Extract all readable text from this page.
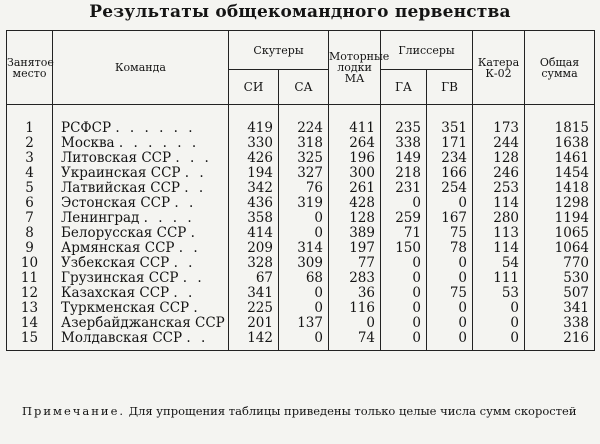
Результаты общекомандного первенства
Занятое место	Команда	Скутеры		Моторные лодки МА	Глиссеры		Катера К-02	Общая сумма
		СИ	СА		ГА	ГВ		
1	РСФСР . . . . . .	419	224	411	235	351	173	1815
2	Москва . . . . . .	330	318	264	338	171	244	1638
3	Литовская ССР . . .	426	325	196	149	234	128	1461
4	Украинская ССР . .	194	327	300	218	166	246	1454
5	Латвийская ССР . .	342	76	261	231	254	253	1418
6	Эстонская ССР . .	436	319	428	0	0	114	1298
7	Ленинград . . . .	358	0	128	259	167	280	1194
8	Белорусская ССР .	414	0	389	71	75	113	1065
9	Армянская ССР . .	209	314	197	150	78	114	1064
10	Узбекская ССР . .	328	309	77	0	0	54	770
11	Грузинская ССР . .	67	68	283	0	0	111	530
12	Казахская ССР . .	341	0	36	0	75	53	507
13	Туркменская ССР .	225	0	116	0	0	0	341
14	Азербайджанская ССР	201	137	0	0	0	0	338
15	Молдавская ССР . .	142	0	74	0	0	0	216
Примечание. Для упрощения таблицы приведены только целые числа сумм скоростей
